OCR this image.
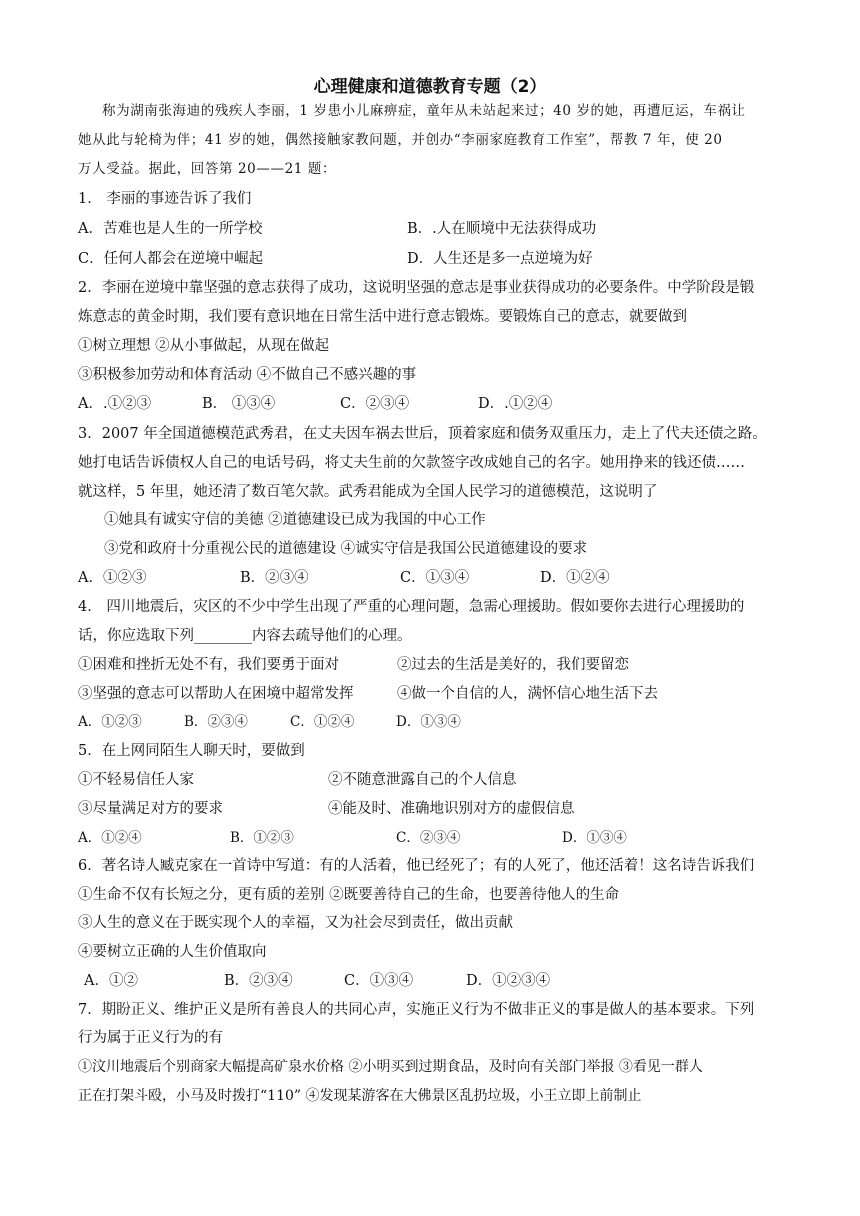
心理健康和道德教育专题（2）
称为湖南张海迪的残疾人李丽，1 岁患小儿麻痹症，童年从未站起来过；40 岁的她，再遭厄运，车祸让
她从此与轮椅为伴；41 岁的她，偶然接触家教问题，并创办“李丽家庭教育工作室”，帮教 7 年，使 20
万人受益。据此，回答第 20——21 题：
1． 李丽的事迹告诉了我们
A．苦难也是人生的一所学校	B．.人在顺境中无法获得成功
C．任何人都会在逆境中崛起	D．人生还是多一点逆境为好
2．李丽在逆境中靠坚强的意志获得了成功，这说明坚强的意志是事业获得成功的必要条件。中学阶段是锻
炼意志的黄金时期，我们要有意识地在日常生活中进行意志锻炼。要锻炼自己的意志，就要做到
①树立理想 ②从小事做起，从现在做起
③积极参加劳动和体育活动 ④不做自己不感兴趣的事
A．.①②③	B． ①③④	C．②③④	D．.①②④
3．2007 年全国道德模范武秀君，在丈夫因车祸去世后，顶着家庭和债务双重压力，走上了代夫还债之路。
她打电话告诉债权人自己的电话号码，将丈夫生前的欠款签字改成她自己的名字。她用挣来的钱还债……
就这样，5 年里，她还清了数百笔欠款。武秀君能成为全国人民学习的道德模范，这说明了
①她具有诚实守信的美德 ②道德建设已成为我国的中心工作
③党和政府十分重视公民的道德建设 ④诚实守信是我国公民道德建设的要求
A．①②③	B．②③④	C．①③④	D．①②④
4． 四川地震后，灾区的不少中学生出现了严重的心理问题，急需心理援助。假如要你去进行心理援助的
话，你应选取下列________内容去疏导他们的心理。
①困难和挫折无处不有，我们要勇于面对	②过去的生活是美好的，我们要留恋
③坚强的意志可以帮助人在困境中超常发挥	④做一个自信的人，满怀信心地生活下去
A．①②③	B．②③④	C．①②④	D．①③④
5．在上网同陌生人聊天时，要做到
①不轻易信任人家	②不随意泄露自己的个人信息
③尽量满足对方的要求	④能及时、准确地识别对方的虚假信息
A．①②④	B．①②③	C．②③④	D．①③④
6．著名诗人臧克家在一首诗中写道：有的人活着，他已经死了；有的人死了，他还活着！这名诗告诉我们
①生命不仅有长短之分，更有质的差别 ②既要善待自己的生命，也要善待他人的生命
③人生的意义在于既实现个人的幸福，又为社会尽到责任，做出贡献
④要树立正确的人生价值取向
A．①②	B．②③④	C．①③④	D．①②③④
7．期盼正义、维护正义是所有善良人的共同心声，实施正义行为不做非正义的事是做人的基本要求。下列
行为属于正义行为的有
①汶川地震后个别商家大幅提高矿泉水价格 ②小明买到过期食品，及时向有关部门举报 ③看见一群人
正在打架斗殴，小马及时拨打“110” ④发现某游客在大佛景区乱扔垃圾，小王立即上前制止
